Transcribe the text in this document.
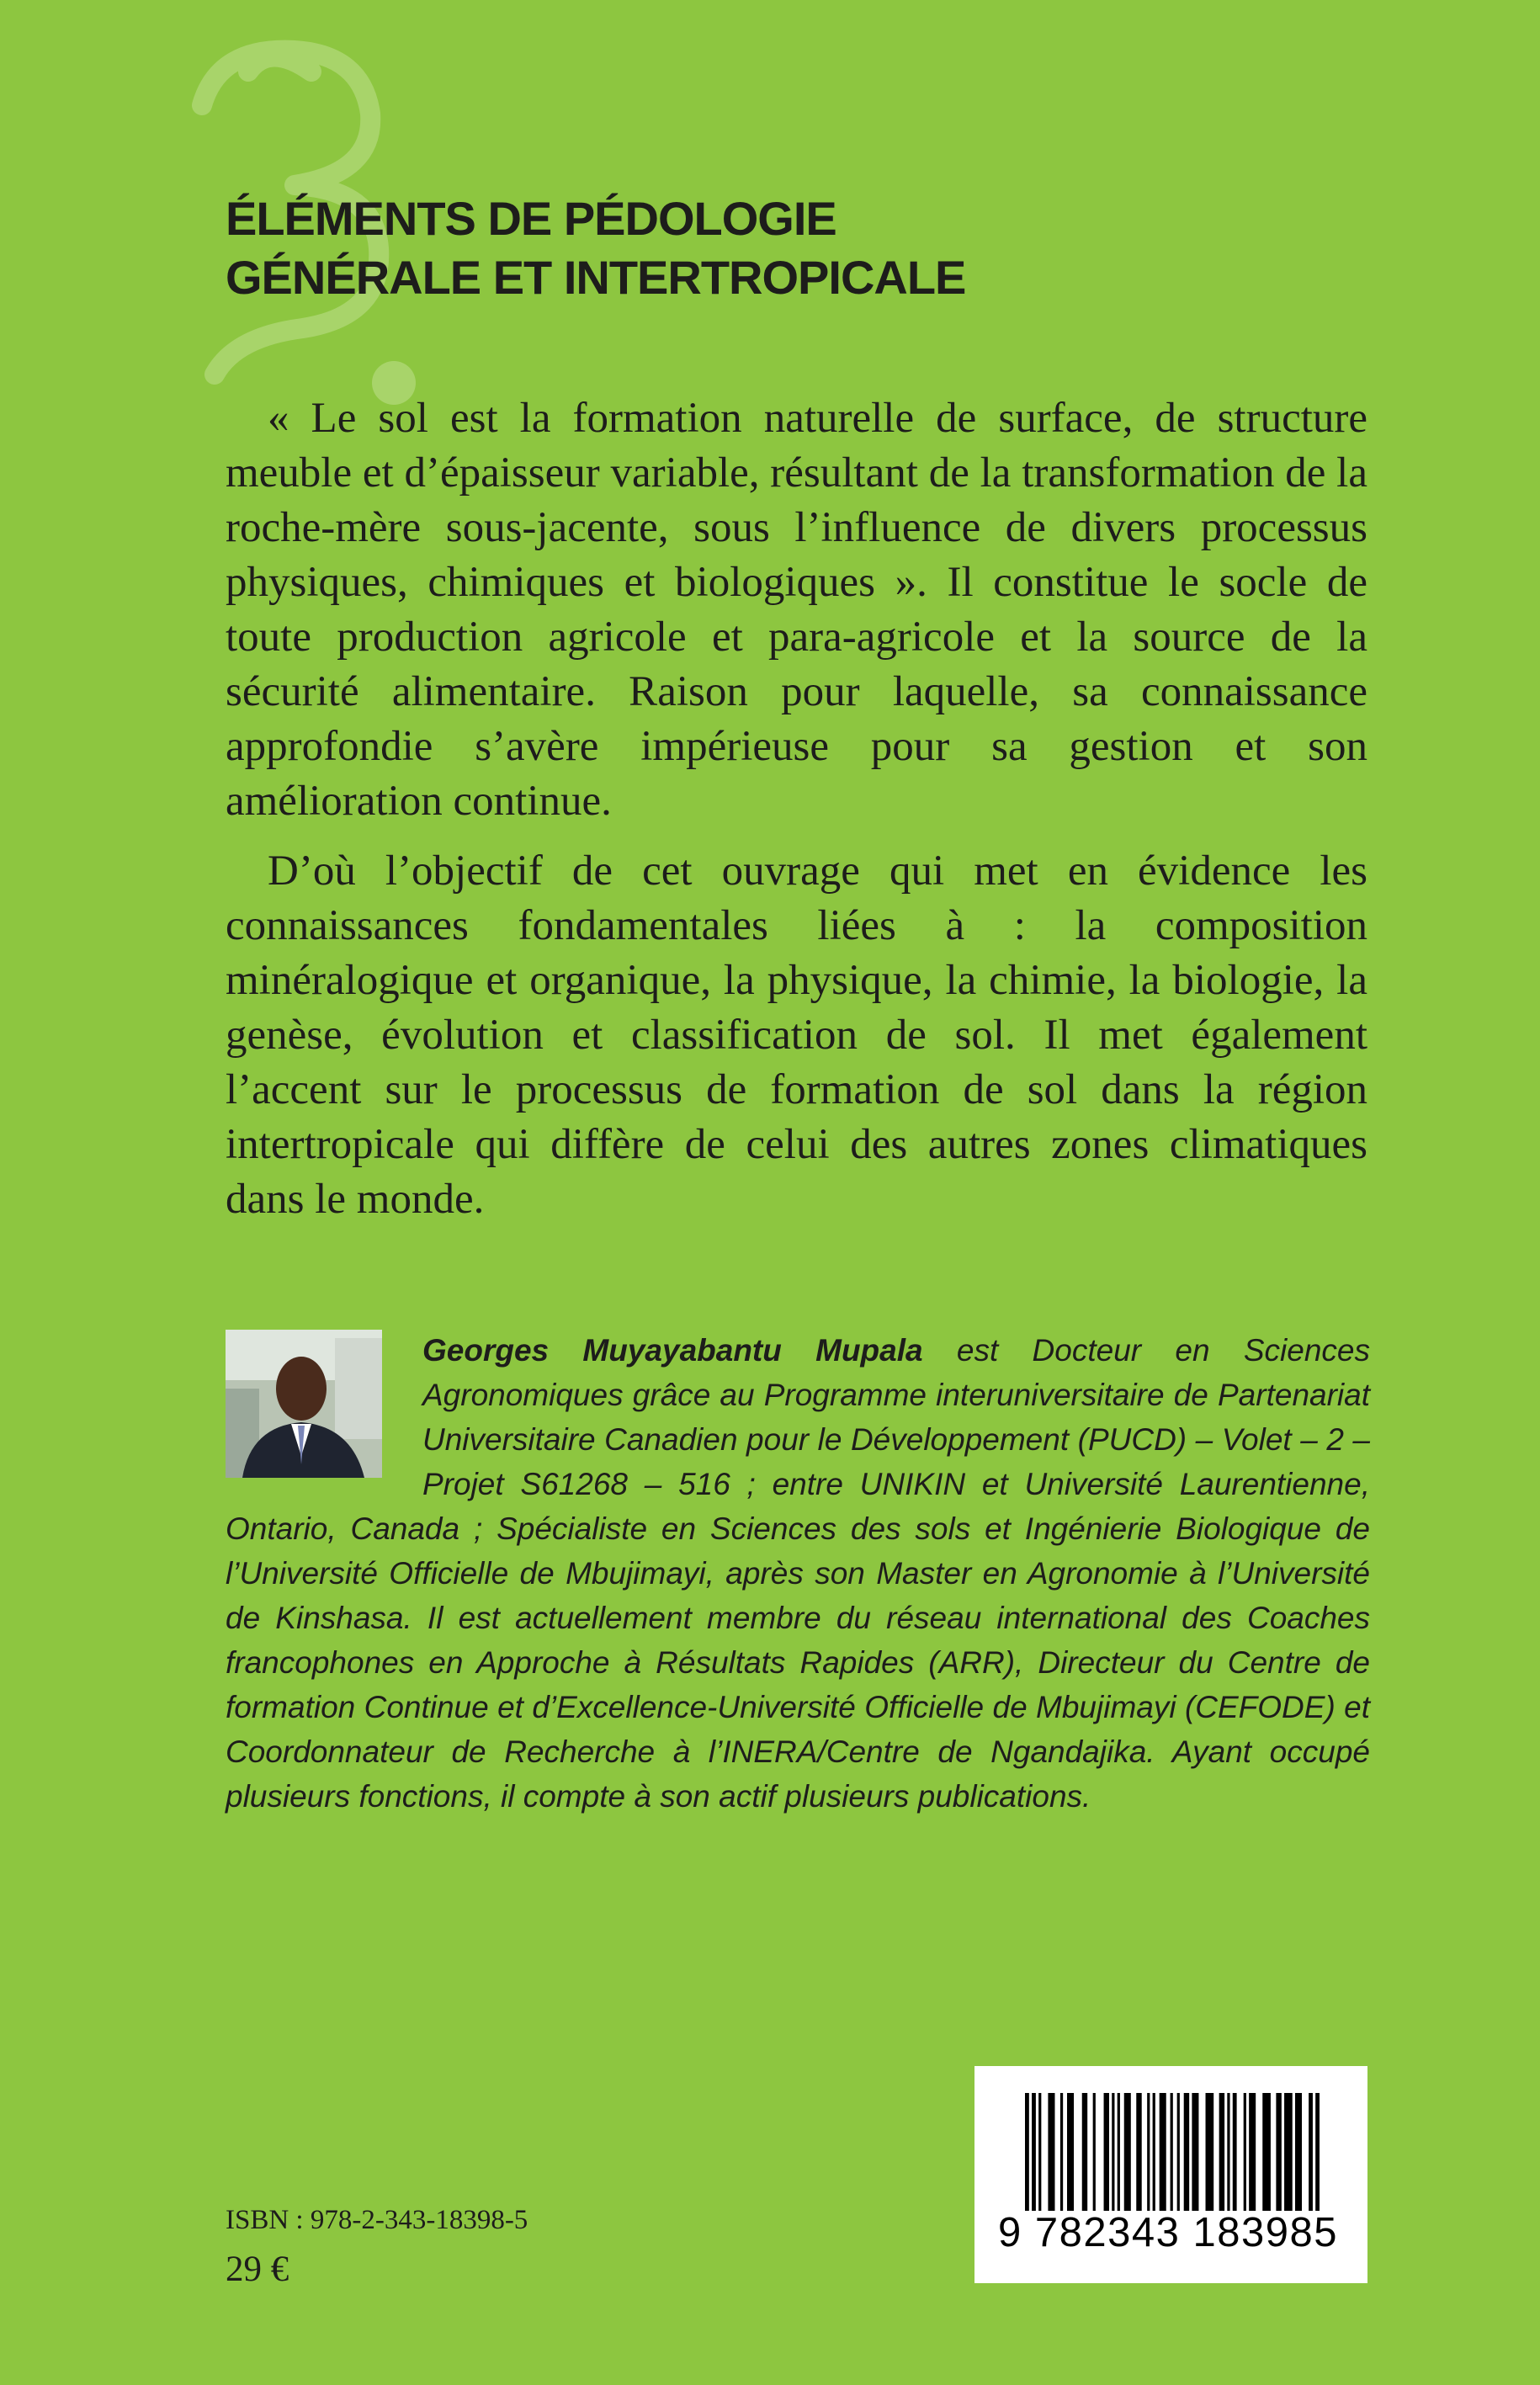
ÉLÉMENTS DE PÉDOLOGIE
GÉNÉRALE ET INTERTROPICALE

« Le sol est la formation naturelle de surface, de structure meuble et d’épaisseur variable, résultant de la transformation de la roche-mère sous-jacente, sous l’influence de divers processus physiques, chimiques et biologiques ». Il constitue le socle de toute production agricole et para-agricole et la source de la sécurité alimentaire. Raison pour laquelle, sa connaissance approfondie s’avère impérieuse pour sa gestion et son amélioration continue.

D’où l’objectif de cet ouvrage qui met en évidence les connaissances fondamentales liées à : la composition minéralogique et organique, la physique, la chimie, la biologie, la genèse, évolution et classification de sol. Il met également l’accent sur le processus de formation de sol dans la région intertropicale qui diffère de celui des autres zones climatiques dans le monde.

Georges Muyayabantu Mupala est Docteur en Sciences Agronomiques grâce au Programme interuniversitaire de Partenariat Universitaire Canadien pour le Développement (PUCD) – Volet – 2 – Projet S61268 – 516 ; entre UNIKIN et Université Laurentienne, Ontario, Canada ; Spécialiste en Sciences des sols et Ingénierie Biologique de l’Université Officielle de Mbujimayi, après son Master en Agronomie à l’Université de Kinshasa. Il est actuellement membre du réseau international des Coaches francophones en Approche à Résultats Rapides (ARR), Directeur du Centre de formation Continue et d’Excellence-Université Officielle de Mbujimayi (CEFODE) et Coordonnateur de Recherche à l’INERA/Centre de Ngandajika. Ayant occupé plusieurs fonctions, il compte à son actif plusieurs publications.
9 782343 183985
ISBN : 978-2-343-18398-5
29 €
